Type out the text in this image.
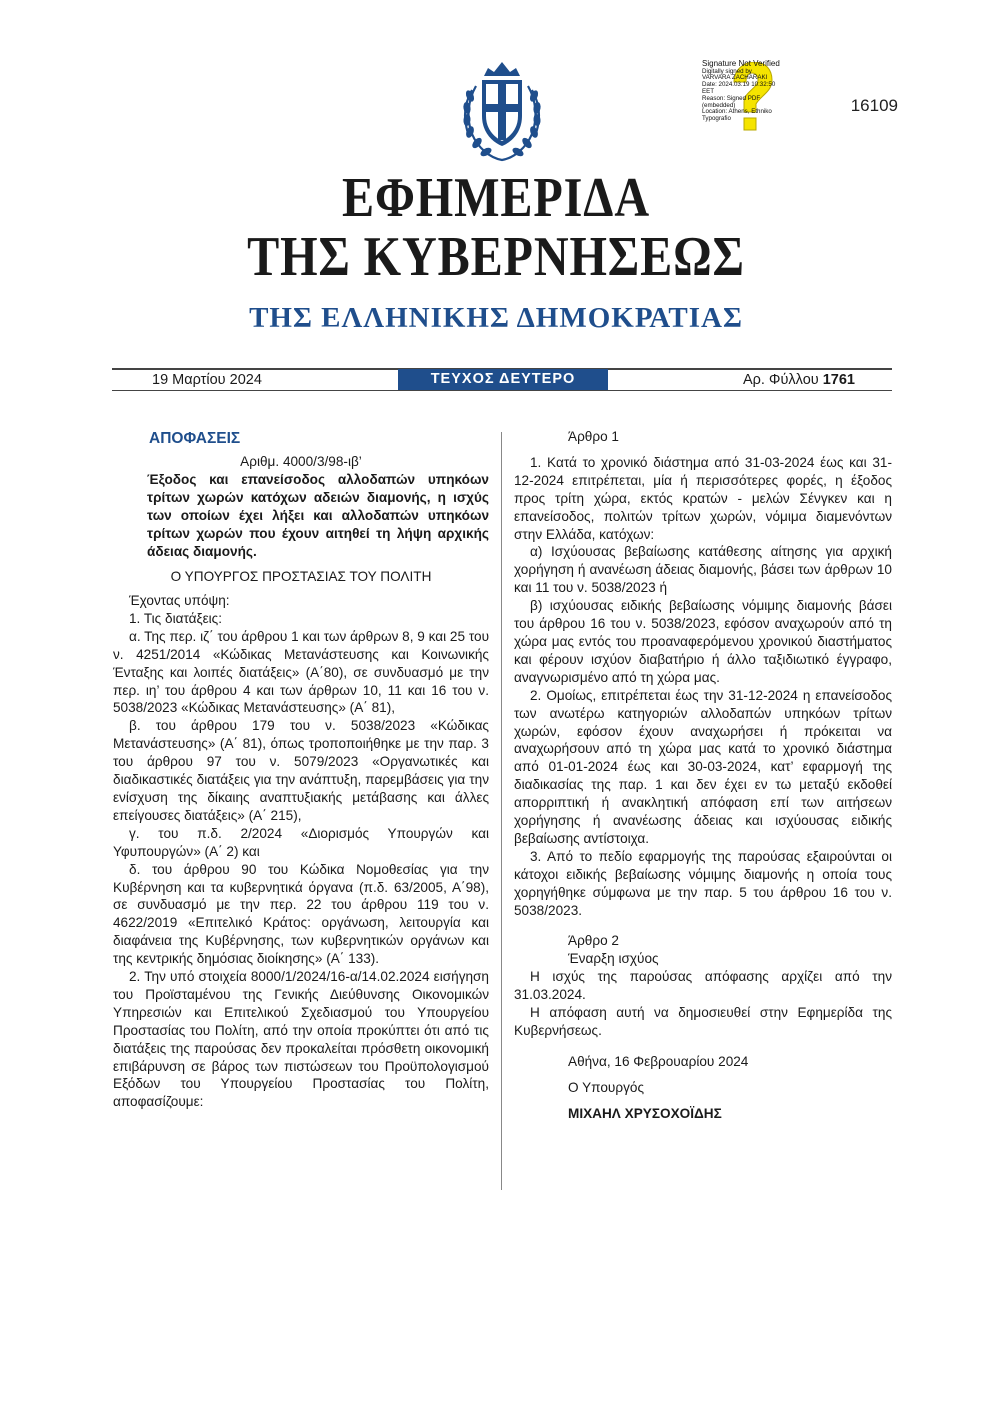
Signature Not Verified
Digitally signed by
VARVARA ZACHARAKI
Date: 2024.03.19 10:32:50
EET
Reason: Signed PDF
(embedded)
Location: Athens, Ethniko
Typografio
16109
ΕΦΗΜΕΡΙΔΑ
ΤΗΣ ΚΥΒΕΡΝΗΣΕΩΣ
ΤΗΣ ΕΛΛΗΝΙΚΗΣ ΔΗΜΟΚΡΑΤΙΑΣ
19 Μαρτίου 2024	ΤΕΥΧΟΣ ΔΕΥΤΕΡΟ	Αρ. Φύλλου 1761
ΑΠΟΦΑΣΕΙΣ
Αριθμ. 4000/3/98-ιβ’
Έξοδος και επανείσοδος αλλοδαπών υπηκόων τρίτων χωρών κατόχων αδειών διαμονής, η ισχύς των οποίων έχει λήξει και αλλοδαπών υπηκόων τρίτων χωρών που έχουν αιτηθεί τη λήψη αρχικής άδειας διαμονής.
Ο ΥΠΟΥΡΓΟΣ ΠΡΟΣΤΑΣΙΑΣ ΤΟΥ ΠΟΛΙΤΗ

Έχοντας υπόψη:

1. Τις διατάξεις:

α. Της περ. ιζ΄ του άρθρου 1 και των άρθρων 8, 9 και 25 του ν. 4251/2014 «Κώδικας Μετανάστευσης και Κοινωνικής Ένταξης και λοιπές διατάξεις» (Α΄80), σε συνδυασμό με την περ. ιη’ του άρθρου 4 και των άρθρων 10, 11 και 16 του ν. 5038/2023 «Κώδικας Μετανάστευσης» (Α΄ 81),

β. του άρθρου 179 του ν. 5038/2023 «Κώδικας Μετανάστευσης» (Α΄ 81), όπως τροποποιήθηκε με την παρ. 3 του άρθρου 97 του ν. 5079/2023 «Οργανωτικές και διαδικαστικές διατάξεις για την ανάπτυξη, παρεμβάσεις για την ενίσχυση της δίκαιης αναπτυξιακής μετάβασης και άλλες επείγουσες διατάξεις» (Α΄ 215),

γ. του π.δ. 2/2024 «Διορισμός Υπουργών και Υφυπουργών» (Α΄ 2) και

δ. του άρθρου 90 του Κώδικα Νομοθεσίας για την Κυβέρνηση και τα κυβερνητικά όργανα (π.δ. 63/2005, Α΄98), σε συνδυασμό με την περ. 22 του άρθρου 119 του ν. 4622/2019 «Επιτελικό Κράτος: οργάνωση, λειτουργία και διαφάνεια της Κυβέρνησης, των κυβερνητικών οργάνων και της κεντρικής δημόσιας διοίκησης» (Α΄ 133).

2. Την υπό στοιχεία 8000/1/2024/16-α/14.02.2024 εισήγηση του Προϊσταμένου της Γενικής Διεύθυνσης Οικονομικών Υπηρεσιών και Επιτελικού Σχεδιασμού του Υπουργείου Προστασίας του Πολίτη, από την οποία προκύπτει ότι από τις διατάξεις της παρούσας δεν προκαλείται πρόσθετη οικονομική επιβάρυνση σε βάρος των πιστώσεων του Προϋπολογισμού Εξόδων του Υπουργείου Προστασίας του Πολίτη, αποφασίζουμε:

Άρθρο 1

1. Κατά το χρονικό διάστημα από 31-03-2024 έως και 31-12-2024 επιτρέπεται, μία ή περισσότερες φορές, η έξοδος προς τρίτη χώρα, εκτός κρατών - μελών Σένγκεν και η επανείσοδος, πολιτών τρίτων χωρών, νόμιμα διαμενόντων στην Ελλάδα, κατόχων:

α) Ισχύουσας βεβαίωσης κατάθεσης αίτησης για αρχική χορήγηση ή ανανέωση άδειας διαμονής, βάσει των άρθρων 10 και 11 του ν. 5038/2023 ή

β) ισχύουσας ειδικής βεβαίωσης νόμιμης διαμονής βάσει του άρθρου 16 του ν. 5038/2023, εφόσον αναχωρούν από τη χώρα μας εντός του προαναφερόμενου χρονικού διαστήματος και φέρουν ισχύον διαβατήριο ή άλλο ταξιδιωτικό έγγραφο, αναγνωρισμένο από τη χώρα μας.

2. Ομοίως, επιτρέπεται έως την 31-12-2024 η επανείσοδος των ανωτέρω κατηγοριών αλλοδαπών υπηκόων τρίτων χωρών, εφόσον έχουν αναχωρήσει ή πρόκειται να αναχωρήσουν από τη χώρα μας κατά το χρονικό διάστημα από 01-01-2024 έως και 30-03-2024, κατ’ εφαρμογή της διαδικασίας της παρ. 1 και δεν έχει εν τω μεταξύ εκδοθεί απορριπτική ή ανακλητική απόφαση επί των αιτήσεων χορήγησης ή ανανέωσης άδειας και ισχύουσας ειδικής βεβαίωσης αντίστοιχα.

3. Από το πεδίο εφαρμογής της παρούσας εξαιρούνται οι κάτοχοι ειδικής βεβαίωσης νόμιμης διαμονής η οποία τους χορηγήθηκε σύμφωνα με την παρ. 5 του άρθρου 16 του ν. 5038/2023.

Άρθρο 2

Έναρξη ισχύος

Η ισχύς της παρούσας απόφασης αρχίζει από την 31.03.2024.

Η απόφαση αυτή να δημοσιευθεί στην Εφημερίδα της Κυβερνήσεως.

Αθήνα, 16 Φεβρουαρίου 2024

Ο Υπουργός

ΜΙΧΑΗΛ ΧΡΥΣΟΧΟΪΔΗΣ
